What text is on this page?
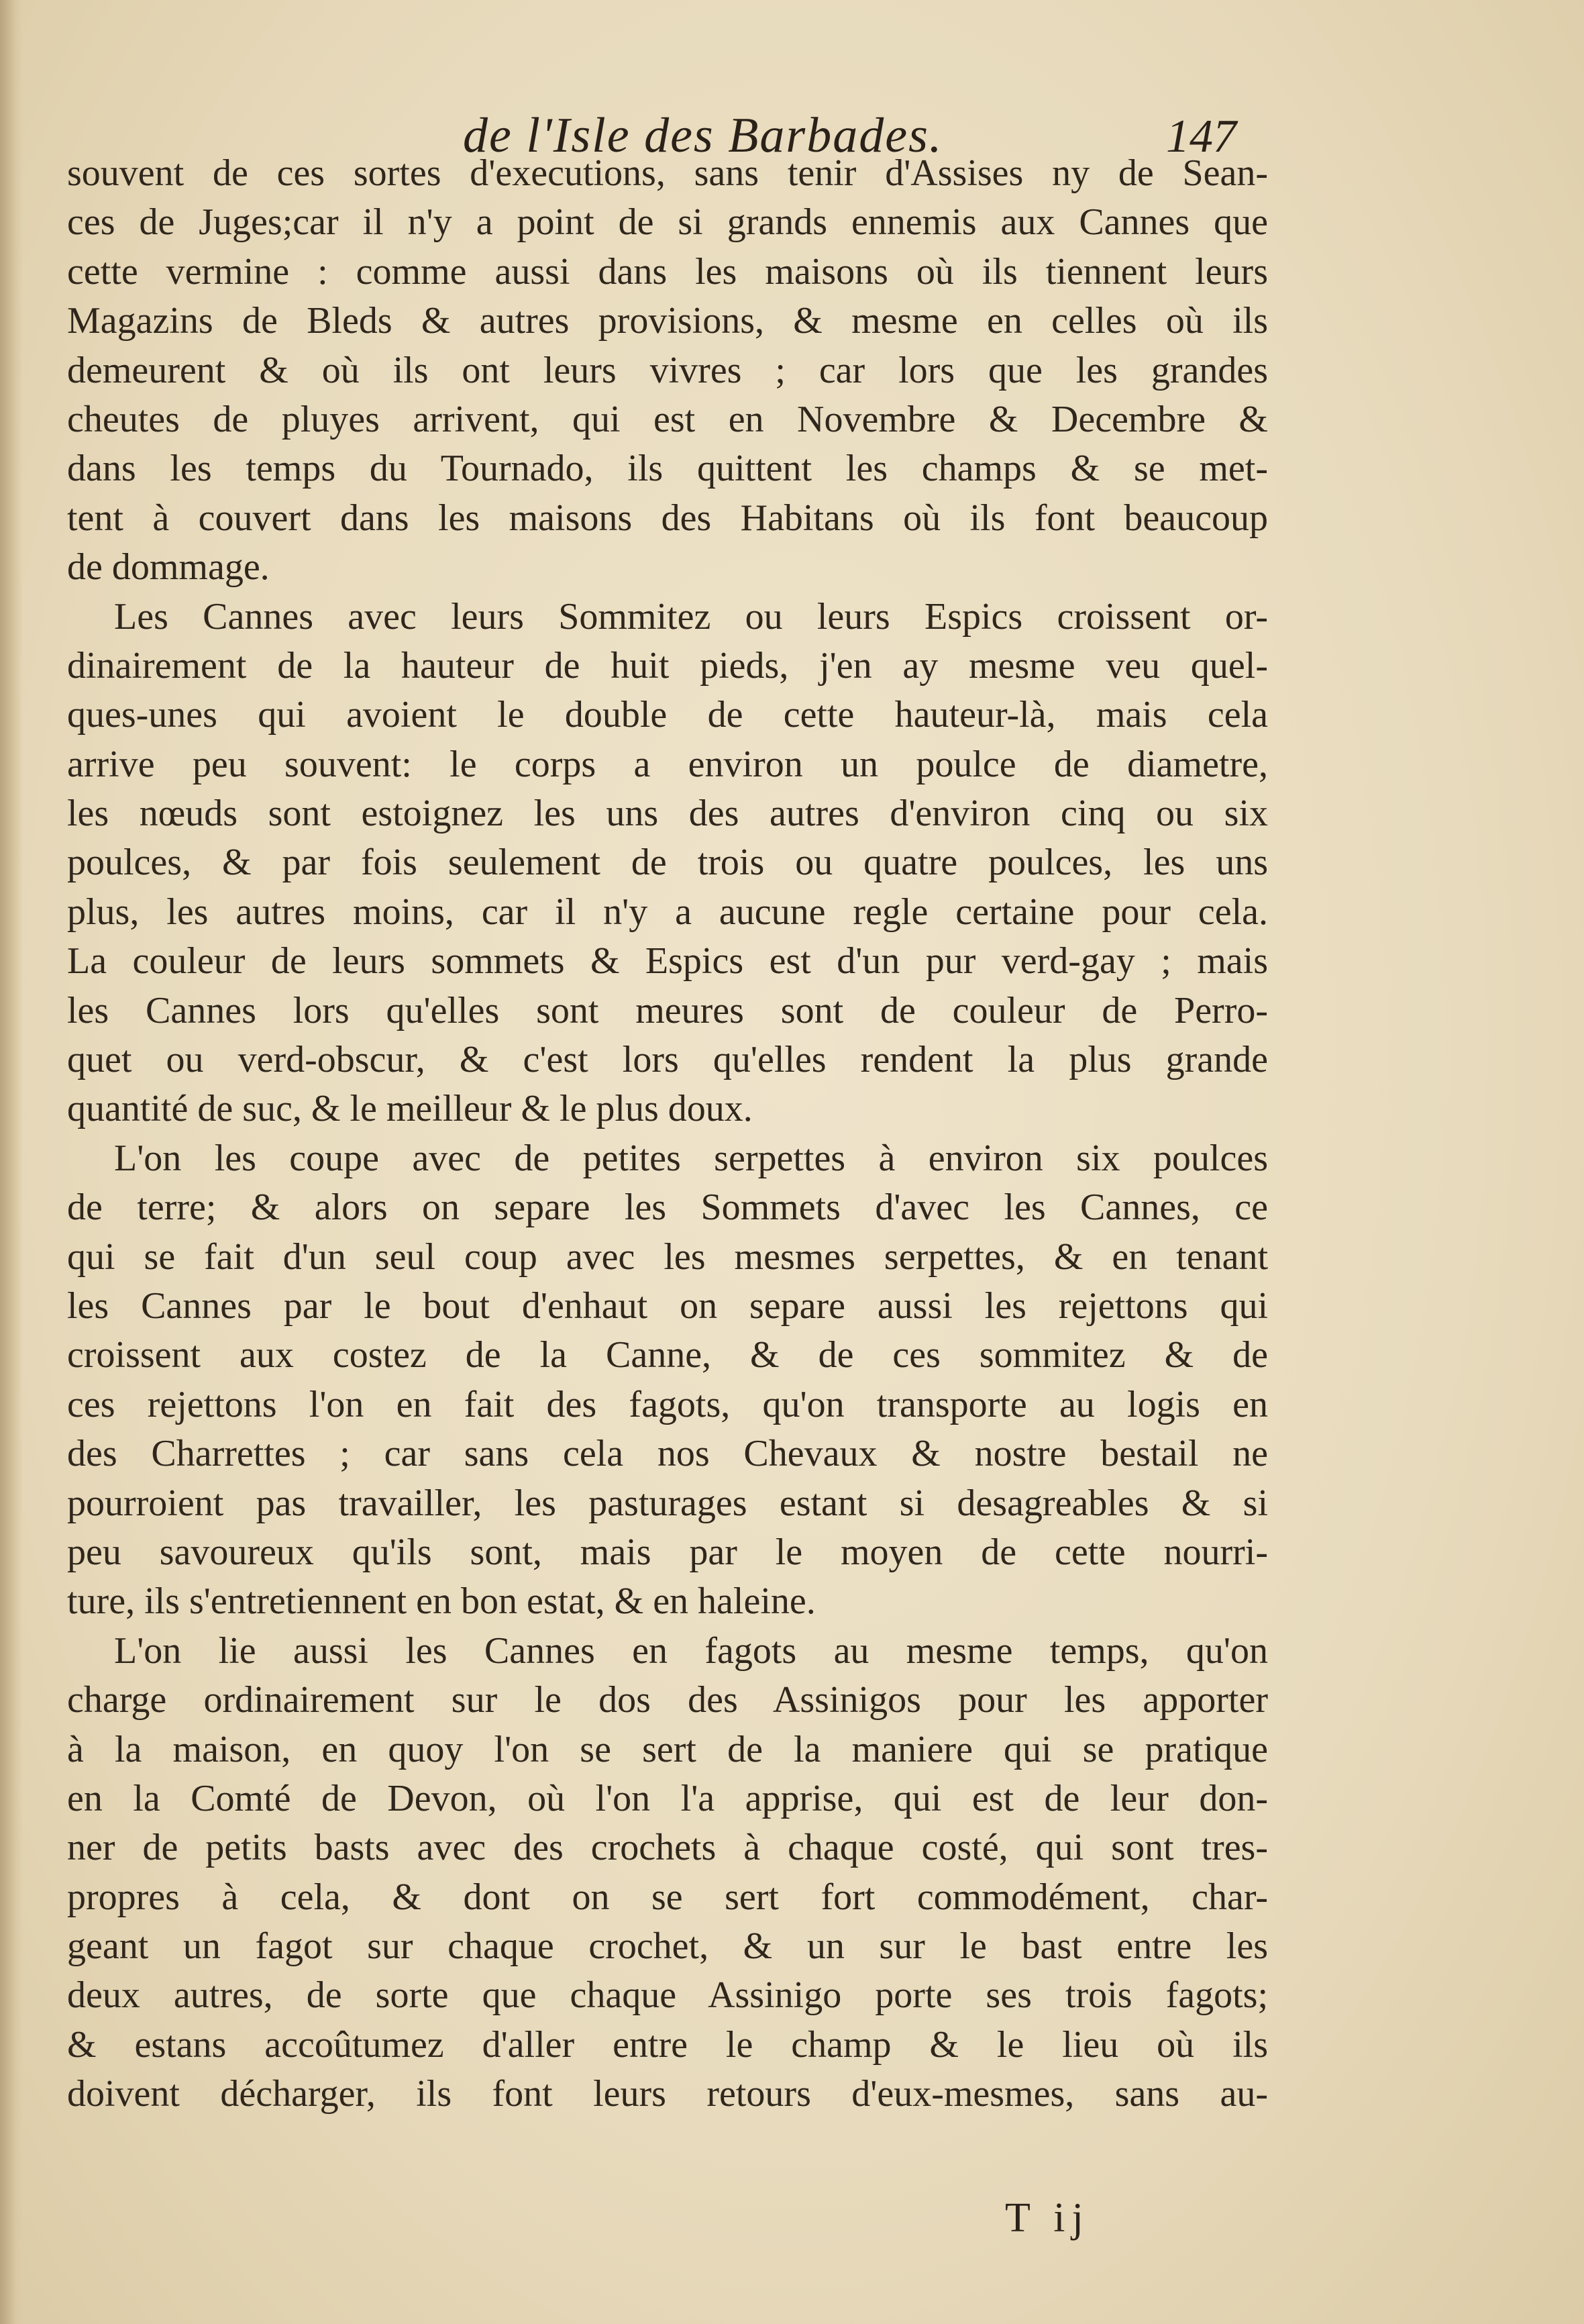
de l'Isle des Barbades.	147
souvent de ces sortes d'executions, sans tenir d'Assises ny de Sean-
ces de Juges;car il n'y a point de si grands ennemis aux Cannes que
cette vermine : comme aussi dans les maisons où ils tiennent leurs
Magazins de Bleds & autres provisions, & mesme en celles où ils
demeurent & où ils ont leurs vivres ; car lors que les grandes
cheutes de pluyes arrivent, qui est en Novembre & Decembre &
dans les temps du Tournado, ils quittent les champs & se met-
tent à couvert dans les maisons des Habitans où ils font beaucoup
de dommage.
Les Cannes avec leurs Sommitez ou leurs Espics croissent or-
dinairement de la hauteur de huit pieds, j'en ay mesme veu quel-
ques-unes qui avoient le double de cette hauteur-là, mais cela
arrive peu souvent: le corps a environ un poulce de diametre,
les nœuds sont estoignez les uns des autres d'environ cinq ou six
poulces, & par fois seulement de trois ou quatre poulces, les uns
plus, les autres moins, car il n'y a aucune regle certaine pour cela.
La couleur de leurs sommets & Espics est d'un pur verd-gay ; mais
les Cannes lors qu'elles sont meures sont de couleur de Perro-
quet ou verd-obscur, & c'est lors qu'elles rendent la plus grande
quantité de suc, & le meilleur & le plus doux.
L'on les coupe avec de petites serpettes à environ six poulces
de terre; & alors on separe les Sommets d'avec les Cannes, ce
qui se fait d'un seul coup avec les mesmes serpettes, & en tenant
les Cannes par le bout d'enhaut on separe aussi les rejettons qui
croissent aux costez de la Canne, & de ces sommitez & de
ces rejettons l'on en fait des fagots, qu'on transporte au logis en
des Charrettes ; car sans cela nos Chevaux & nostre bestail ne
pourroient pas travailler, les pasturages estant si desagreables & si
peu savoureux qu'ils sont, mais par le moyen de cette nourri-
ture, ils s'entretiennent en bon estat, & en haleine.
L'on lie aussi les Cannes en fagots au mesme temps, qu'on
charge ordinairement sur le dos des Assinigos pour les apporter
à la maison, en quoy l'on se sert de la maniere qui se pratique
en la Comté de Devon, où l'on l'a apprise, qui est de leur don-
ner de petits basts avec des crochets à chaque costé, qui sont tres-
propres à cela, & dont on se sert fort commodément, char-
geant un fagot sur chaque crochet, & un sur le bast entre les
deux autres, de sorte que chaque Assinigo porte ses trois fagots;
& estans accoûtumez d'aller entre le champ & le lieu où ils
doivent décharger, ils font leurs retours d'eux-mesmes, sans au-
T ij
